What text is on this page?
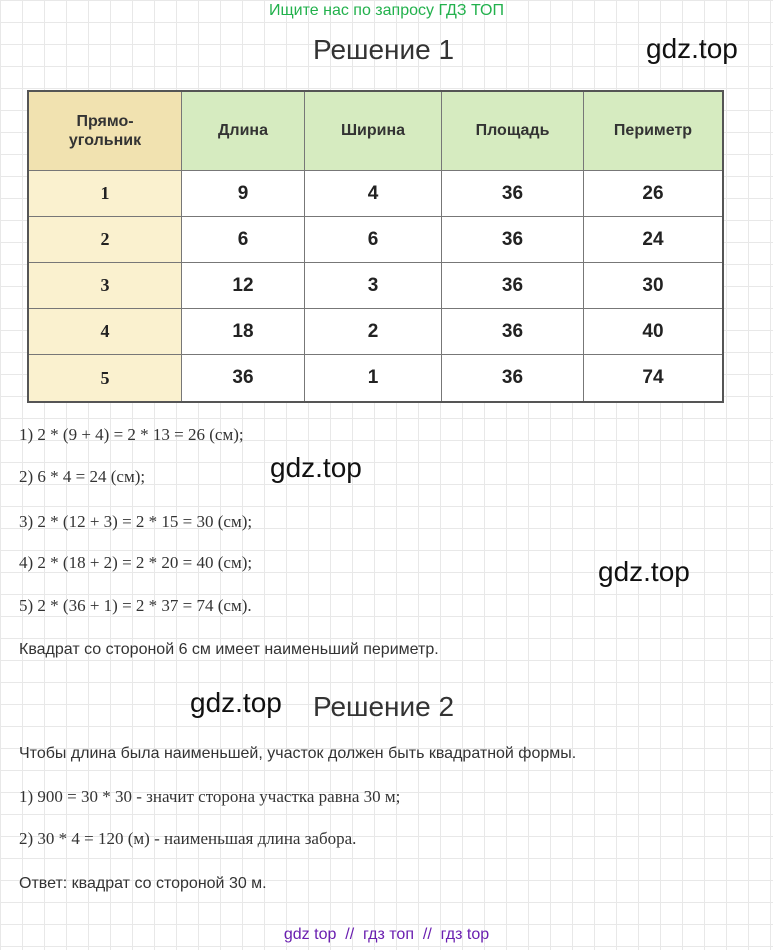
Ищите нас по запросу ГДЗ ТОП
Решение 1	gdz.top
Прямо-
угольник	Длина	Ширина	Площадь	Периметр
1	9	4	36	26
2	6	6	36	24
3	12	3	36	30
4	18	2	36	40
5	36	1	36	74
1) 2 * (9 + 4) = 2 * 13 = 26 (см);
gdz.top
2) 6 * 4 = 24 (см);
3) 2 * (12 + 3) = 2 * 15 = 30 (см);
4) 2 * (18 + 2) = 2 * 20 = 40 (см);	gdz.top
5) 2 * (36 + 1) = 2 * 37 = 74 (см).
Квадрат со стороной 6 см имеет наименьший периметр.
gdz.top Решение 2
Чтобы длина была наименьшей, участок должен быть квадратной формы.
1) 900 = 30 * 30 - значит сторона участка равна 30 м;
2) 30 * 4 = 120 (м) - наименьшая длина забора.
Ответ: квадрат со стороной 30 м.
gdz top  //  гдз топ  //  гдз top
